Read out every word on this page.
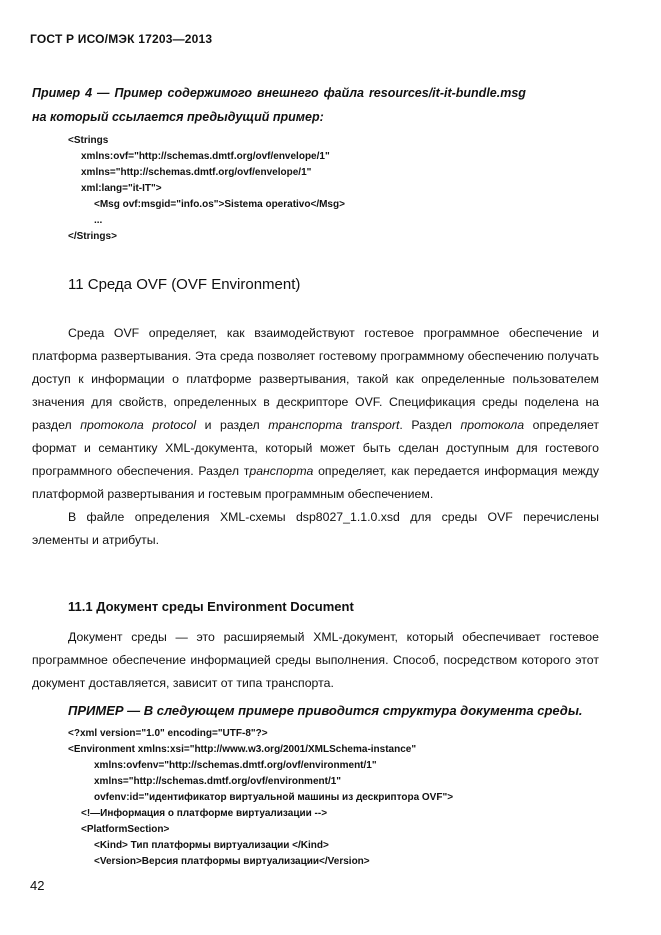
ГОСТ Р ИСО/МЭК 17203—2013
Пример 4 — Пример содержимого внешнего файла resources/it-it-bundle.msg
на который ссылается предыдущий пример:
<Strings
xmlns:ovf="http://schemas.dmtf.org/ovf/envelope/1"
xmlns="http://schemas.dmtf.org/ovf/envelope/1"
xml:lang="it-IT">
<Msg ovf:msgid="info.os">Sistema operativo</Msg>
...
</Strings>
11 Среда OVF (OVF Environment)

Среда OVF определяет, как взаимодействуют гостевое программное обеспечение и платформа развертывания. Эта среда позволяет гостевому программному обеспечению получать доступ к информации о платформе развертывания, такой как определенные пользователем значения для свойств, определенных в дескрипторе OVF. Спецификация среды поделена на раздел протокола protocol и раздел транспорта transport. Раздел протокола определяет формат и семантику XML-документа, который может быть сделан доступным для гостевого программного обеспечения. Раздел транспорта определяет, как передается информация между платформой развертывания и гостевым программным обеспечением.

В файле определения XML-схемы dsp8027_1.1.0.xsd для среды OVF перечислены элементы и атрибуты.

11.1 Документ среды Environment Document

Документ среды — это расширяемый XML-документ, который обеспечивает гостевое программное обеспечение информацией среды выполнения. Способ, посредством которого этот документ доставляется, зависит от типа транспорта.

ПРИМЕР — В следующем примере приводится структура документа среды.
<?xml version="1.0" encoding="UTF-8"?>
<Environment xmlns:xsi="http://www.w3.org/2001/XMLSchema-instance"
xmlns:ovfenv="http://schemas.dmtf.org/ovf/environment/1"
xmlns="http://schemas.dmtf.org/ovf/environment/1"
ovfenv:id="идентификатор виртуальной машины из дескриптора OVF">
<!—Информация о платформе виртуализации -->
<PlatformSection>
<Kind> Тип платформы виртуализации </Kind>
<Version>Версия платформы виртуализации</Version>
42
